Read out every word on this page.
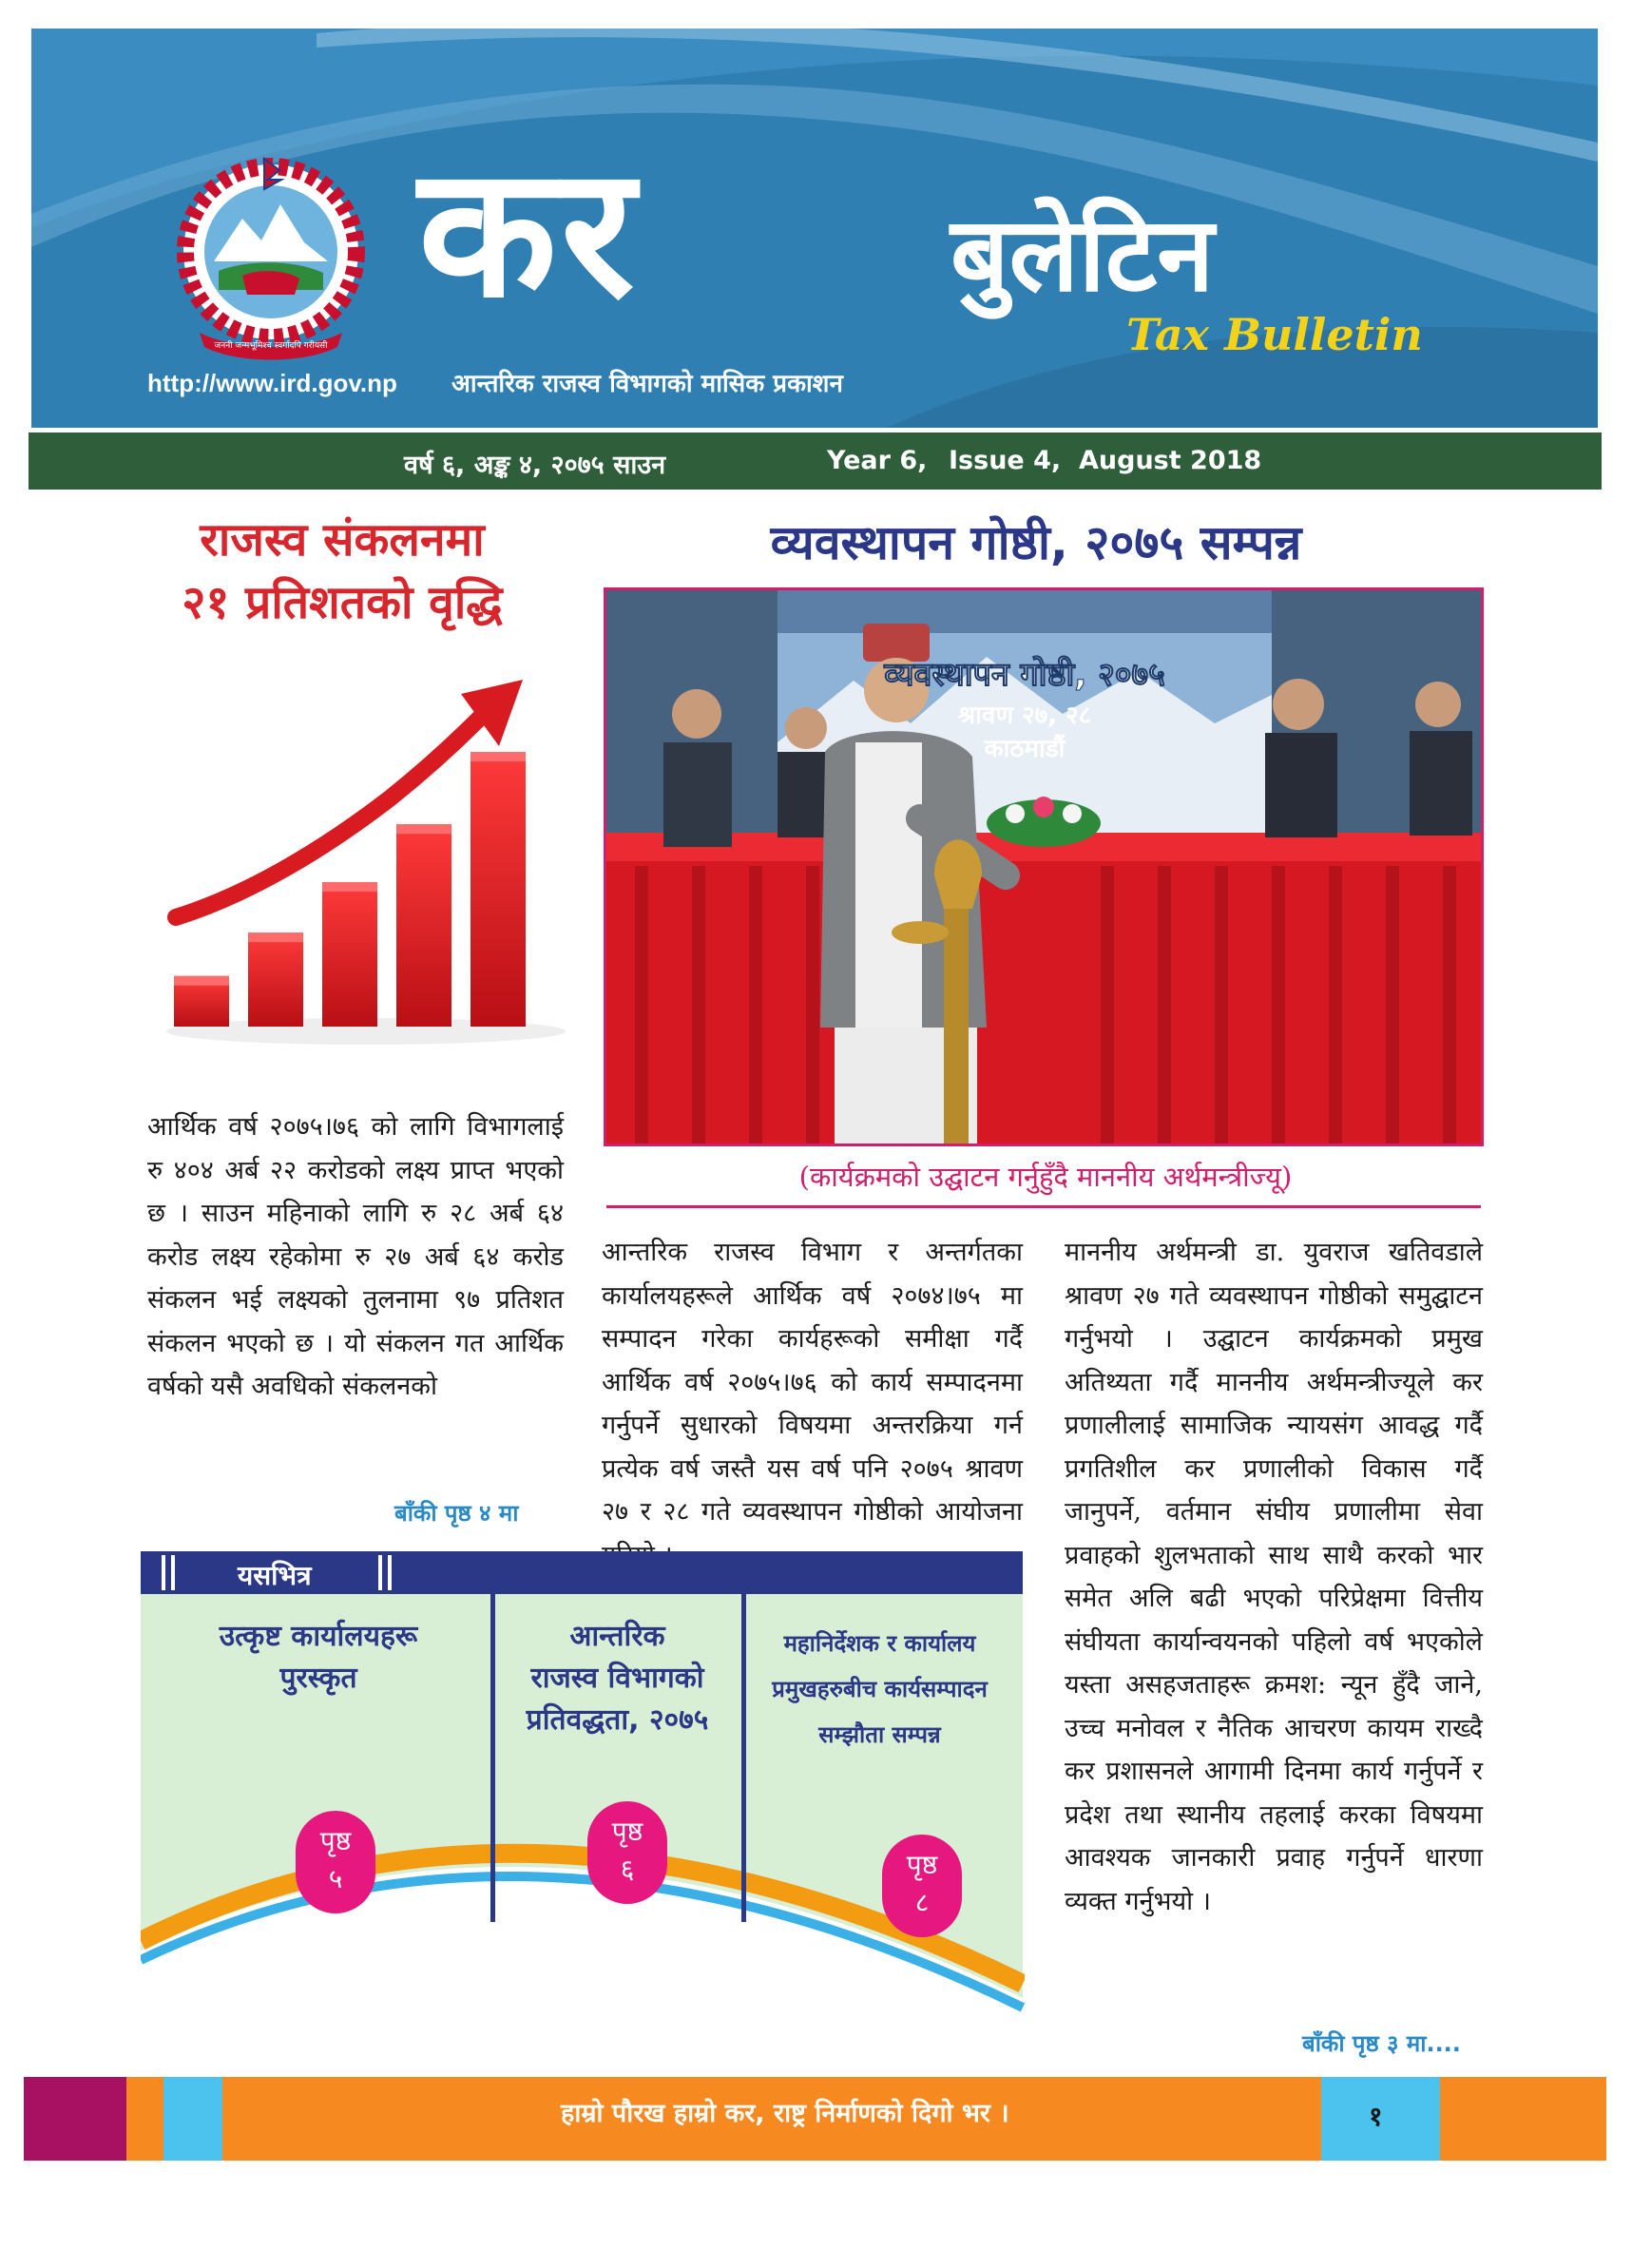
जननी जन्मभूमिश्च स्वर्गादपि गरीयसी
कर	बुलेटिन
Tax Bulletin
http://www.ird.gov.np आन्तरिक राजस्व विभागको मासिक प्रकाशन
वर्ष ६, अङ्क ४, २०७५ साउन	Year 6, Issue 4, August 2018
राजस्व संकलनमा
२१ प्रतिशतको वृद्धि
आर्थिक वर्ष २०७५।७६ को लागि विभागलाई रु ४०४ अर्ब २२ करोडको लक्ष्य प्राप्त भएको छ । साउन महिनाको लागि रु २८ अर्ब ६४ करोड लक्ष्य रहेकोमा रु २७ अर्ब ६४ करोड संकलन भई लक्ष्यको तुलनामा ९७ प्रतिशत संकलन भएको छ । यो संकलन गत आर्थिक वर्षको यसै अवधिको संकलनको
बाँकी पृष्ठ ४ मा
व्यवस्थापन गोष्ठी, २०७५ सम्पन्न
व्यवस्थापन गोष्ठी, २०७५
श्रावण २७, २८
काठमाडौं
(कार्यक्रमको उद्घाटन गर्नुहुँदै माननीय अर्थमन्त्रीज्यू)
आन्तरिक राजस्व विभाग र अन्तर्गतका कार्यालयहरूले आर्थिक वर्ष २०७४।७५ मा सम्पादन गरेका कार्यहरूको समीक्षा गर्दै आर्थिक वर्ष २०७५।७६ को कार्य सम्पादनमा गर्नुपर्ने सुधारको विषयमा अन्तरक्रिया गर्न प्रत्येक वर्ष जस्तै यस वर्ष पनि २०७५ श्रावण २७ र २८ गते व्यवस्थापन गोष्ठीको आयोजना
माननीय अर्थमन्त्री डा. युवराज खतिवडाले श्रावण २७ गते व्यवस्थापन गोष्ठीको समुद्घाटन गर्नुभयो । उद्घाटन कार्यक्रमको प्रमुख अतिथ्यता गर्दै माननीय अर्थमन्त्रीज्यूले कर प्रणालीलाई सामाजिक न्यायसंग आवद्ध गर्दै प्रगतिशील कर प्रणालीको विकास गर्दै जानुपर्ने, वर्तमान संघीय प्रणालीमा सेवा प्रवाहको शुलभताको साथ साथै करको भार समेत अलि बढी भएको परिप्रेक्षमा वित्तीय संघीयता कार्यान्वयनको पहिलो वर्ष भएकोले यस्ता असहजताहरू क्रमश: न्यून हुँदै जाने, उच्च मनोवल र नैतिक आचरण कायम राख्दै कर प्रशासनले आगामी दिनमा कार्य गर्नुपर्ने र प्रदेश तथा स्थानीय तहलाई करका विषयमा आवश्यक जानकारी प्रवाह गर्नुपर्ने धारणा व्यक्त गर्नुभयो ।
बाँकी पृष्ठ ३ मा....
यसभित्र
उत्कृष्ट कार्यालयहरू
पुरस्कृत
आन्तरिक
राजस्व विभागको
प्रतिवद्धता, २०७५
महानिर्देशक र कार्यालय
प्रमुखहरुबीच कार्यसम्पादन
सम्झौता सम्पन्न
पृष्ठ
५
पृष्ठ
६	पृष्ठ
८
हाम्रो पौरख हाम्रो कर, राष्ट्र निर्माणको दिगो भर ।	१
